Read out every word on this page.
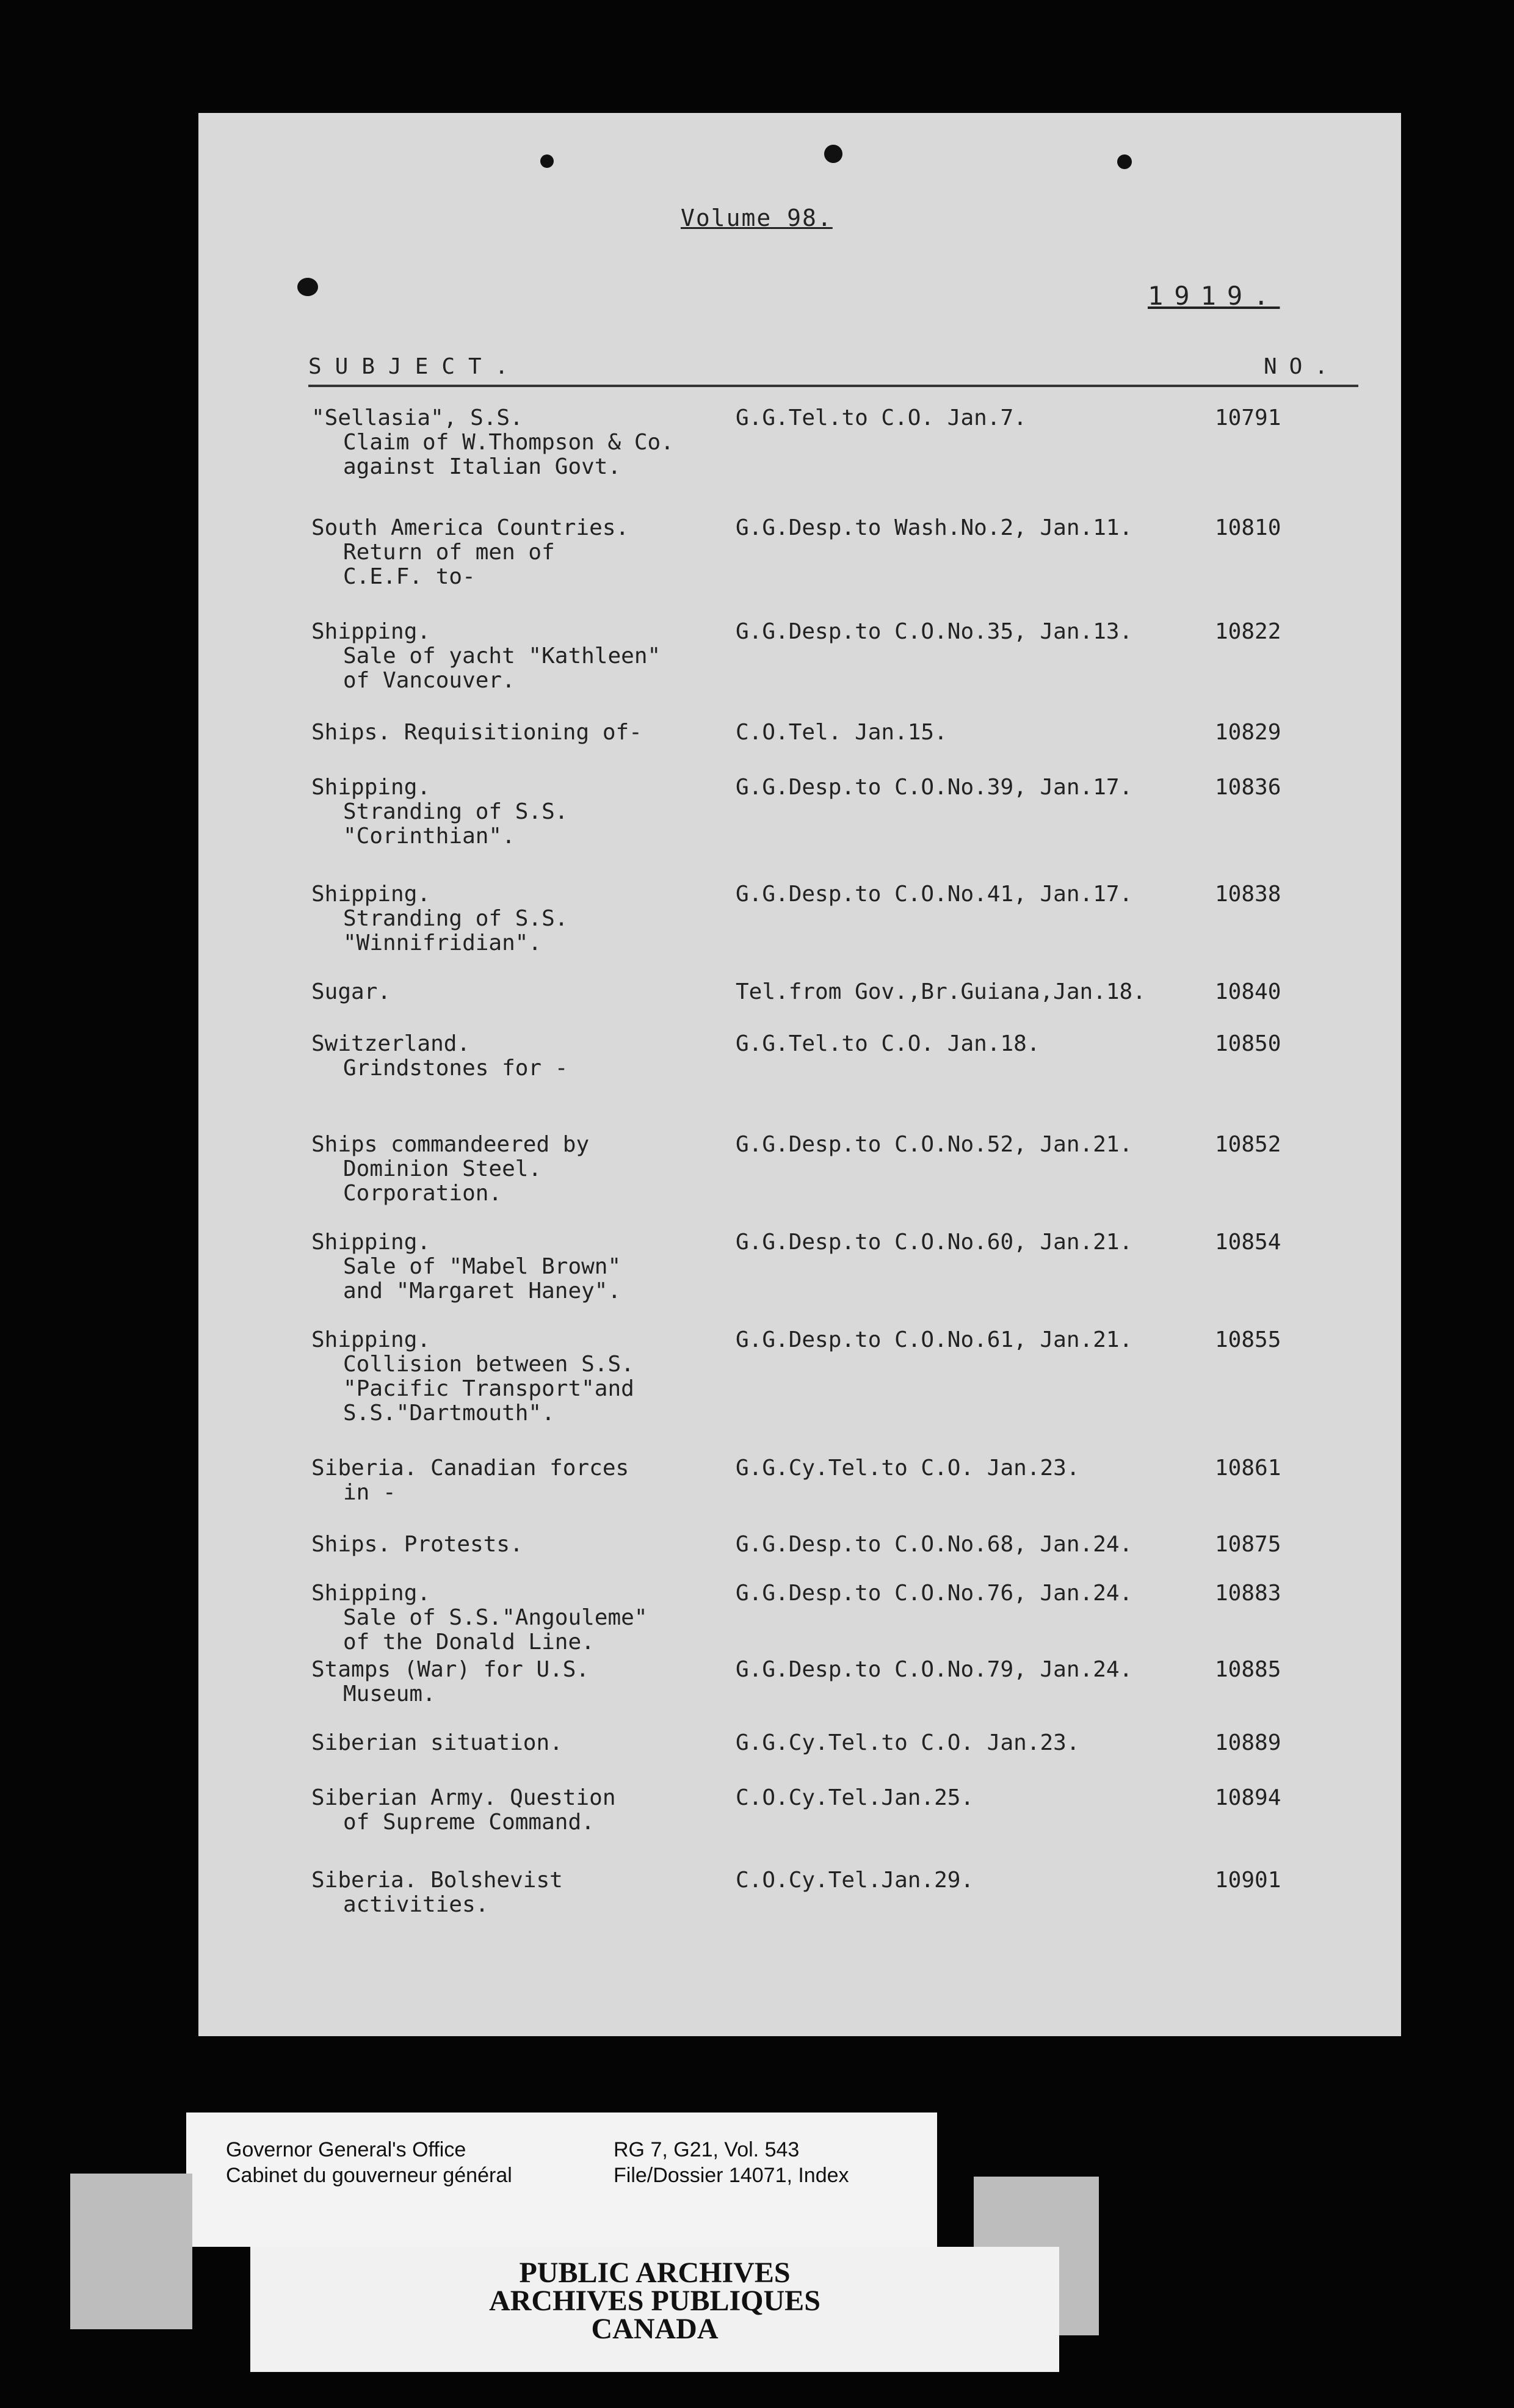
Volume 98.
1919.
SUBJECT.	NO.
"Sellasia", S.S.
Claim of W.Thompson & Co.
against Italian Govt.
G.G.Tel.to C.O. Jan.7.	10791
South America Countries.
Return of men of
C.E.F. to-
G.G.Desp.to Wash.No.2, Jan.11.	10810
Shipping.
Sale of yacht "Kathleen"
of Vancouver.
G.G.Desp.to C.O.No.35, Jan.13.	10822
Ships. Requisitioning of-	C.O.Tel. Jan.15.	10829
Shipping.
Stranding of S.S.
"Corinthian".
G.G.Desp.to C.O.No.39, Jan.17.	10836
Shipping.
Stranding of S.S.
"Winnifridian".
G.G.Desp.to C.O.No.41, Jan.17.	10838
Sugar.	Tel.from Gov.,Br.Guiana,Jan.18.	10840
Switzerland.
Grindstones for -
G.G.Tel.to C.O. Jan.18.	10850
Ships commandeered by
Dominion Steel.
Corporation.
G.G.Desp.to C.O.No.52, Jan.21.	10852
Shipping.
Sale of "Mabel Brown"
and "Margaret Haney".
G.G.Desp.to C.O.No.60, Jan.21.	10854
Shipping.
Collision between S.S.
"Pacific Transport"and
S.S."Dartmouth".
G.G.Desp.to C.O.No.61, Jan.21.	10855
Siberia. Canadian forces
in -
G.G.Cy.Tel.to C.O. Jan.23.	10861
Ships. Protests.	G.G.Desp.to C.O.No.68, Jan.24.	10875
Shipping.
Sale of S.S."Angouleme"
of the Donald Line.
G.G.Desp.to C.O.No.76, Jan.24.	10883
Stamps (War) for U.S.
Museum.
G.G.Desp.to C.O.No.79, Jan.24.	10885
Siberian situation.	G.G.Cy.Tel.to C.O. Jan.23.	10889
Siberian Army. Question
of Supreme Command.
C.O.Cy.Tel.Jan.25.	10894
Siberia. Bolshevist
activities.
C.O.Cy.Tel.Jan.29.	10901
Governor General's Office
Cabinet du gouverneur général
RG 7, G21, Vol. 543
File/Dossier 14071, Index
PUBLIC ARCHIVES
ARCHIVES PUBLIQUES
CANADA
